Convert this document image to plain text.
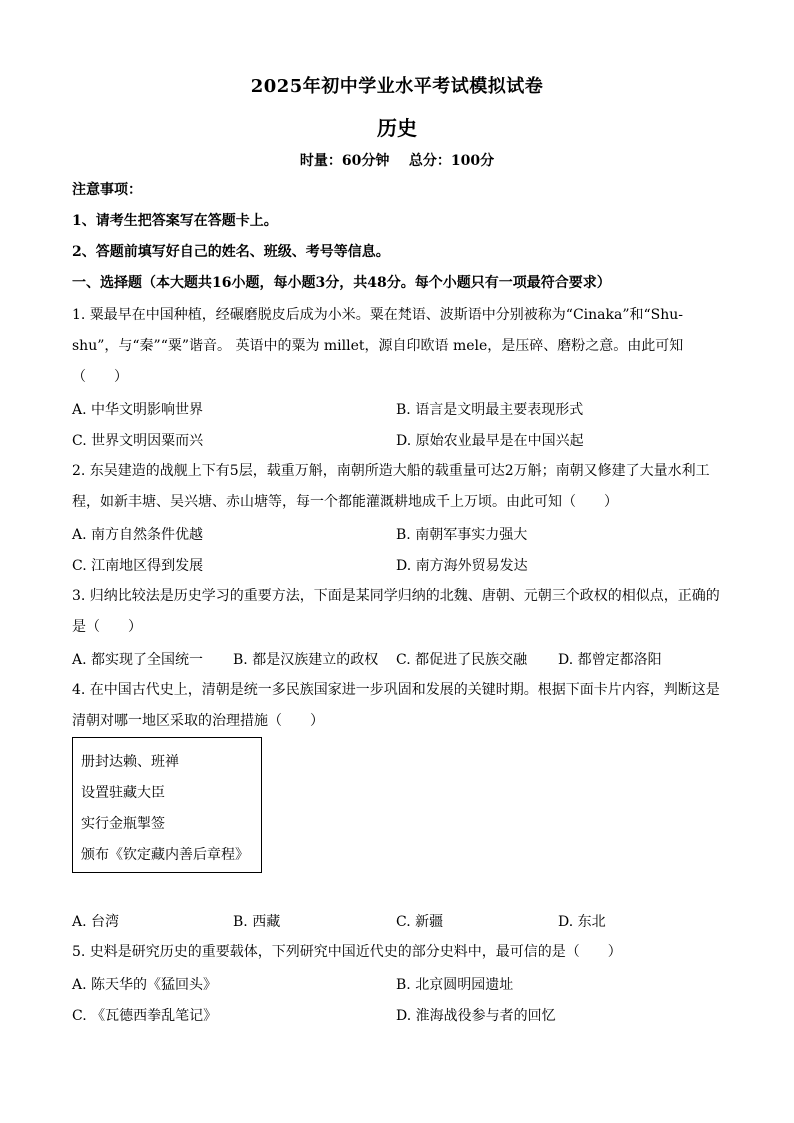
2025年初中学业水平考试模拟试卷
历史
时量：60分钟    总分：100分
注意事项：
1、请考生把答案写在答题卡上。
2、答题前填写好自己的姓名、班级、考号等信息。
一、选择题（本大题共16小题，每小题3分，共48分。每个小题只有一项最符合要求）

1. 粟最早在中国种植，经碾磨脱皮后成为小米。粟在梵语、波斯语中分别被称为“Cinaka”和“Shu-

shu”，与“秦”“粟”谐音。 英语中的粟为 millet，源自印欧语 mele，是压碎、磨粉之意。由此可知

（　　）

A. 中华文明影响世界	B. 语言是文明最主要表现形式
C. 世界文明因粟而兴	D. 原始农业最早是在中国兴起

2. 东吴建造的战舰上下有5层，载重万斛，南朝所造大船的载重量可达2万斛；南朝又修建了大量水利工

程，如新丰塘、吴兴塘、赤山塘等，每一个都能灌溉耕地成千上万顷。由此可知（　　）

A. 南方自然条件优越	B. 南朝军事实力强大
C. 江南地区得到发展	D. 南方海外贸易发达

3. 归纳比较法是历史学习的重要方法，下面是某同学归纳的北魏、唐朝、元朝三个政权的相似点，正确的

是（　　）

A. 都实现了全国统一 B. 都是汉族建立的政权 C. 都促进了民族交融 D. 都曾定都洛阳

4. 在中国古代史上，清朝是统一多民族国家进一步巩固和发展的关键时期。根据下面卡片内容，判断这是

清朝对哪一地区采取的治理措施（　　）

册封达赖、班禅
设置驻藏大臣
实行金瓶掣签
颁布《钦定藏内善后章程》
A. 台湾	B. 西藏	C. 新疆	D. 东北

5. 史料是研究历史的重要载体，下列研究中国近代史的部分史料中，最可信的是（　　）

A. 陈天华的《猛回头》	B. 北京圆明园遗址
C. 《瓦德西拳乱笔记》	D. 淮海战役参与者的回忆
